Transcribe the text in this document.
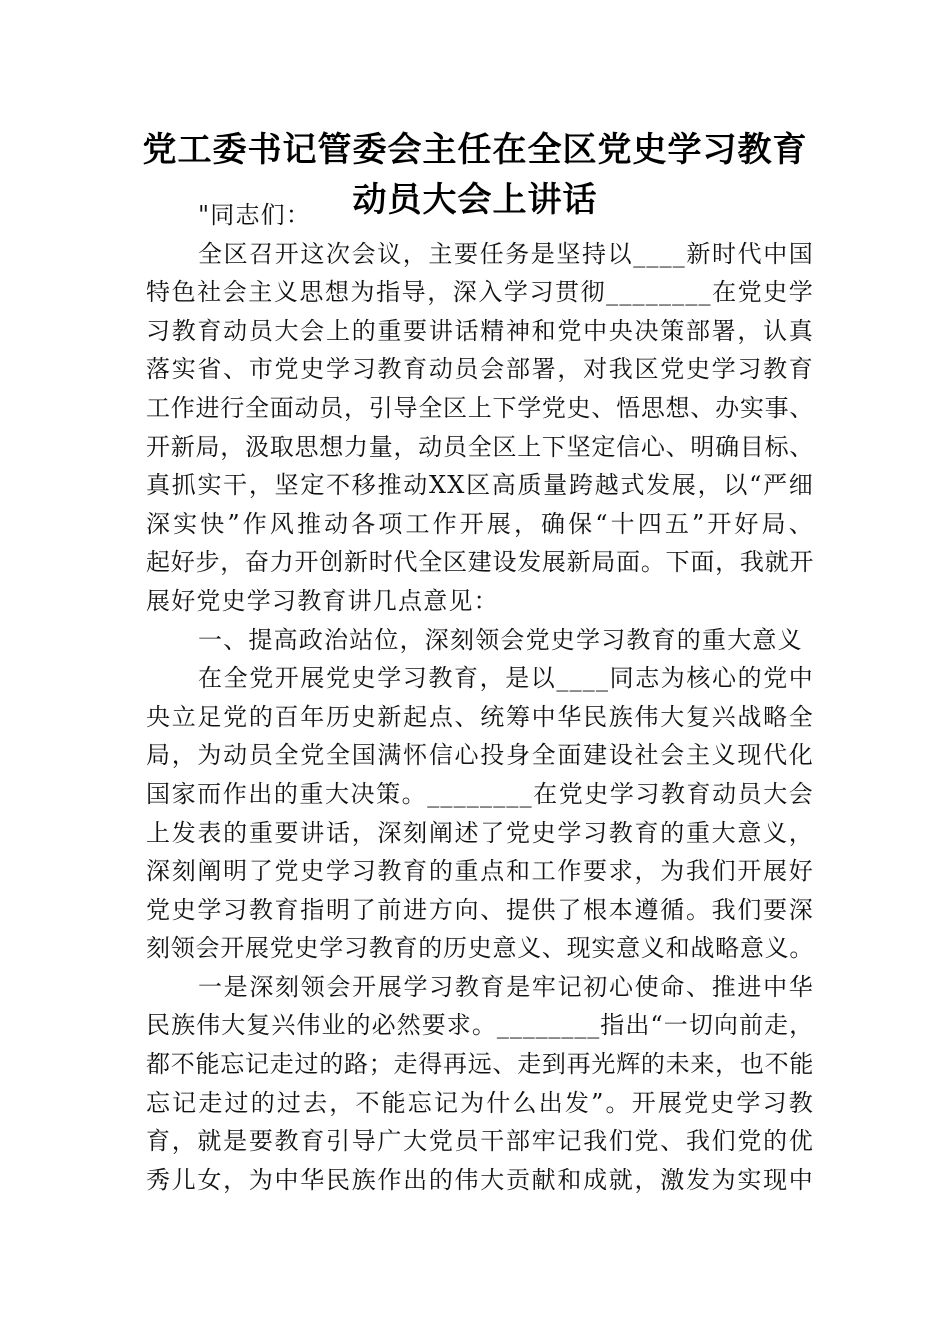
党工委书记管委会主任在全区党史学习教育
动员大会上讲话
"同志们：
全区召开这次会议，主要任务是坚持以____新时代中国
特色社会主义思想为指导，深入学习贯彻________在党史学
习教育动员大会上的重要讲话精神和党中央决策部署，认真
落实省、市党史学习教育动员会部署，对我区党史学习教育
工作进行全面动员，引导全区上下学党史、悟思想、办实事、
开新局，汲取思想力量，动员全区上下坚定信心、明确目标、
真抓实干，坚定不移推动XX区高质量跨越式发展，以“严细
深实快”作风推动各项工作开展，确保“十四五”开好局、
起好步，奋力开创新时代全区建设发展新局面。下面，我就开
展好党史学习教育讲几点意见：
一、提高政治站位，深刻领会党史学习教育的重大意义
在全党开展党史学习教育，是以____同志为核心的党中
央立足党的百年历史新起点、统筹中华民族伟大复兴战略全
局，为动员全党全国满怀信心投身全面建设社会主义现代化
国家而作出的重大决策。________在党史学习教育动员大会
上发表的重要讲话，深刻阐述了党史学习教育的重大意义，
深刻阐明了党史学习教育的重点和工作要求，为我们开展好
党史学习教育指明了前进方向、提供了根本遵循。我们要深
刻领会开展党史学习教育的历史意义、现实意义和战略意义。
一是深刻领会开展学习教育是牢记初心使命、推进中华
民族伟大复兴伟业的必然要求。________指出“一切向前走，
都不能忘记走过的路；走得再远、走到再光辉的未来，也不能
忘记走过的过去，不能忘记为什么出发”。开展党史学习教
育，就是要教育引导广大党员干部牢记我们党、我们党的优
秀儿女，为中华民族作出的伟大贡献和成就，激发为实现中
